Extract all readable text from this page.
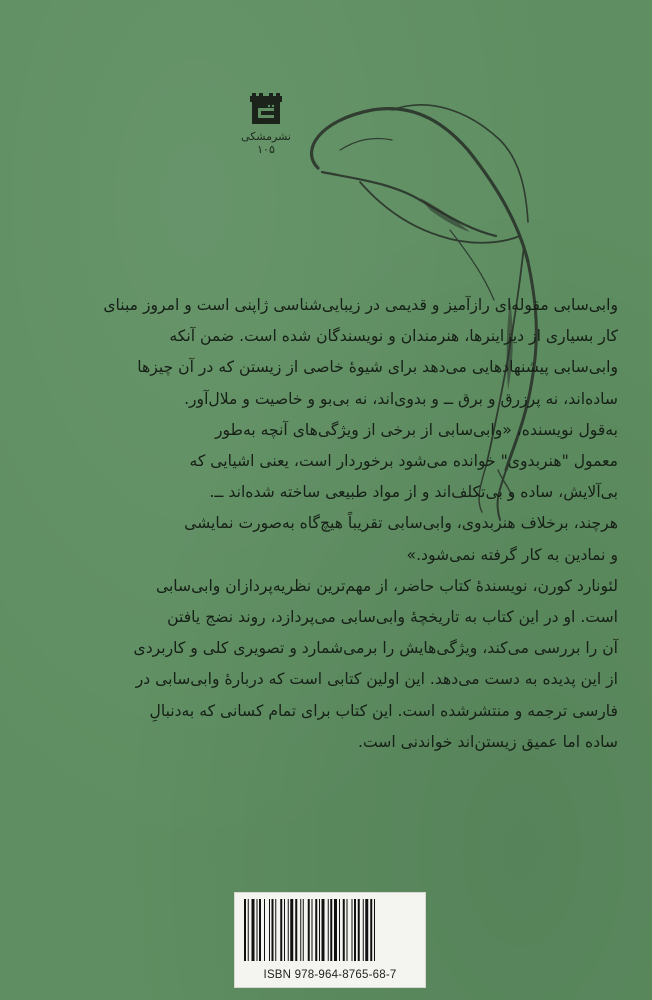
نشرمشکی ۱۰۵

وابی‌سابی مقوله‌ای رازآمیز و قدیمی در زیبایی‌شناسی ژاپنی است و امروز مبنای

کار بسیاری از دیزاینرها، هنرمندان و نویسندگان شده است. ضمن آنکه

وابی‌سابی پیشنهادهایی می‌دهد برای شیوهٔ خاصی از زیستن که در آن چیزها

ساده‌اند، نه پرزرق و برق ــ و بدوی‌اند، نه بی‌بو و خاصیت و ملال‌آور.

به‌قول نویسنده، «وابی‌سابی از برخی از ویژگی‌های آنچه به‌طور

معمول "هنربدوی" خوانده می‌شود برخوردار است، یعنی اشیایی که

بی‌آلایش، ساده و بی‌تکلف‌اند و از مواد طبیعی ساخته شده‌اند ــ.

هرچند، برخلاف هنربدوی، وابی‌سابی تقریباً هیچ‌گاه به‌صورت نمایشی

و نمادین به کار گرفته نمی‌شود.»

لئونارد کورن، نویسندهٔ کتاب حاضر، از مهم‌ترین نظریه‌پردازان وابی‌سابی

است. او در این کتاب به تاریخچهٔ وابی‌سابی می‌پردازد، روند نضج یافتن

آن را بررسی می‌کند، ویژگی‌هایش را برمی‌شمارد و تصویری کلی و کاربردی

از این پدیده به دست می‌دهد. این اولین کتابی است که دربارهٔ وابی‌سابی در

فارسی ترجمه و منتشرشده است. این کتاب برای تمام کسانی که به‌دنبالِ

ساده اما عمیق زیستن‌اند خواندنی است.

ISBN 978-964-8765-68-7
